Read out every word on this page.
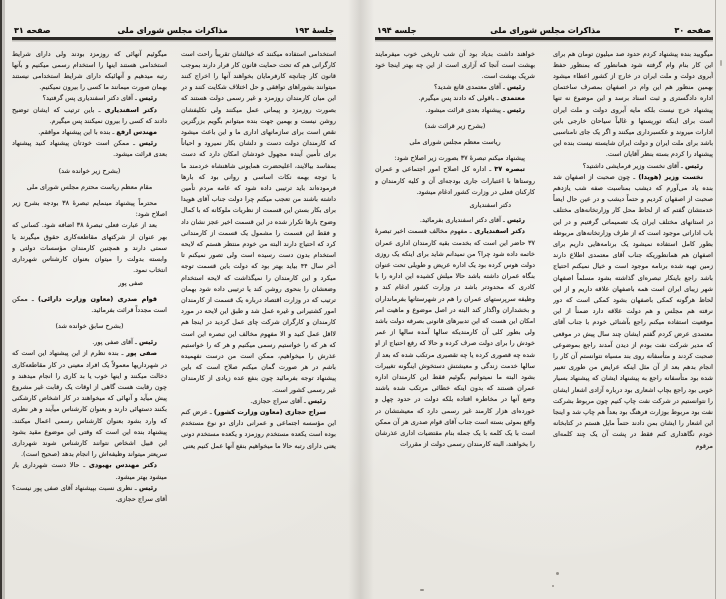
جلسهٔ ۱۹۳
مذاکرات مجلس شورای ملی
صفحه ۳۱

استخدامی استفاده میکنند که خیالشان تقریباً راحت است کارگرانی هم که تحت حمایت قانون کار قرار دارند بموجب قانون کار چنانچه کارفرمایان بخواهند آنها را اخراج کنند میتوانند بشوراهای توافقی و حل اختلاف شکایت کنند و در این میان کارمندان روزمزد و غیر رسمی دولت هستند که بصورت روزمزد و پیمانی عمل میکنند ولی تکلیفشان روشن نیست و بهمین جهت بنده میتوانم بگویم بزرگترین نقص است برای سازمانهای اداری ما و این باعث میشود که کارمندان دولت دست و دلشان بکار نمیرود و احیاناً برای تأمین آینده مجهول خودشان امکان دارد که دست بمفاسد بیالایند، اعلیحضرت همایونی شاهنشاه خردمند ما با توجه بهمه نکات اساسی و روانی بود که بارها فرموده‌اند باید ترتیبی داده شود که عامه مردم تأمین داشته باشند من تعجب میکنم چرا دولت جناب آقای هویدا برای بکار بستن این قسمت از نظریات ملوکانه که با کمال وضوح بارها تکرار شده در این قسمت اخیر عجز نشان داد و فقط این قسمت را مشمول یک قسمت از کارمندانی کرد که احتیاج دارند البته من خودم منتظر هستم که لایحه استخدام بدون دست رسیده است ولی تصور نمیکنم تا آخر سال ۴۴ بیاید بهتر بود که دولت باین قسمت توجه میکرد و این کارمندان را نمیگذاشت که لایحه استخدام وضعشان را بنحوی روشن کند یا ترتیبی داده شود بهمان ترتیب که در وزارت اقتصاد درباره یک قسمت از کارمندان امور کشتیرانی و غیره عمل شد و طبق این لایحه در مورد کارمندان و کارگران شرکت چای عمل کردید در اینجا هم لااقل عمل کنید و الا مفهوم مخالف این تبصره این است که هر که را خواستیم رسمی میکنیم و هر که را خواستیم عذرش را میخواهیم، ممکن است من درست نفهمیده باشم در هر صورت گمان میکنم صلاح است که باین پیشنهاد توجه بفرمائید چون بنفع عده زیادی از کارمندان غیر رسمی کشور است.

رئیس ـ آقای سراج حجازی.

سراج حجازی (معاون وزارت کشور) ـ عرض کنم این مؤسسه اجتماعی و عمرانی دارای دو نوع مستخدم بوده است یکعده مستخدم روزمزد و یکعده مستخدم دونی یعنی دارای رتبه حالا ما میخواهیم بنفع آنها عمل کنیم یعنی

میگوئیم آنهائی که روزمزد بودند ولی دارای شرایط استخدامی هستند اینها را استخدام رسمی میکنیم و بآنها رتبه میدهیم و آنهائیکه دارای شرایط استخدامی نیستند بهمان صورت میمانند ما کسی را بیرون نمیکنیم.

رئیس ـ آقای دکتر اسفندیاری پس گرفتید؟

دکتر اسفندیاری ـ باین ترتیب که ایشان توضیح دادند که کسی را بیرون نمیکنند پس میگیرم.

مهندس ارفع ـ بنده با این پیشنهاد موافقم.

رئیس ـ ممکن است خودتان پیشنهاد کنید پیشنهاد بعدی قرائت میشود.

(بشرح زیر خوانده شد)

مقام معظم ریاست محترم مجلس شورای ملی

محترماً پیشنهاد مینمایم تبصرهٔ ۳۸ بودجه بشرح زیر اصلاح شود:

بعد از عبارت فعلی تبصرهٔ ۳۸ اضافه شود. کسانی که بهر عنوان از شرکتهای مقاطعه‌کاری حقوق میگیرند یا سمتی دارند و همچنین کارمندان مؤسسات دولتی و وابسته بدولت را میتوان بعنوان کارشناس شهرداری انتخاب نمود.

صفی پور

قوام صدری (معاون وزارت دارائی) ـ ممکن است مجدداً قرائت بفرمائید.

(بشرح سابق خوانده شد)

رئیس ـ آقای صفی پور.

صفی پور ـ بنده نظرم از این پیشنهاد این است که در شهرداریها معمولاً یک افراد معینی در کار مقاطعه‌کاری دخالت میکنند و اینها خوب یا بد کاری را انجام میدهند و چون رقابت هست گاهی از اوقات یک رقابت غیر مشروع پیش میآید و آنهائی که میخواهند در کار اشخاص کارشکنی بکنند دستهائی دارند و بعنوان کارشناس میآیند و هر نظری که وارد بشود بعنوان کارشناس رسمی اعمال میکنند. پیشنهاد بنده این است که وقتی این موضوع مقید بشود این قبیل اشخاص نتوانند کارشناس شوند شهرداری سریعتر میتواند وظیفه‌اش را انجام بدهد (صحیح است).

دکتر مهندس بهبودی ـ حالا دست شهرداری باز میشود بهتر میشود.

رئیس ـ نظری نسبت بپیشنهاد آقای صفی پور نیست؟ آقای سراج حجازی.

صفحه ۳۰
مذاکرات مجلس شورای ملی
جلسه ۱۹۴

میگویید بنده پیشنهاد کردم حدود صد میلیون تومان هم برای این کار بنام وام گرفته شود همانطور که بمنظور حفظ آبروی دولت و ملت ایران در خارج از کشور اعطاء میشود بهمین منظور هم این وام در اصفهان بمصرف ساختمان اداره دادگستری و ثبت اسناد برسد و این موضوع نه تنها پیشنهاد خرج نیست بلکه مایه آبروی دولت و ملت ایران است برای اینکه توریستها و غالباً سیاحان خارجی باین ادارات میروند و عکسبرداری میکنند و اگر یک جای نامناسبی باشد برای ملت ایران و دولت ایران شایسته نیست بنده این پیشنهاد را کردم بسته بنظر آقایان است.

رئیس ـ آقای نخست وزیر فرمایشی داشتید؟

نخست وزیر (هویدا) ـ چون صحبت از اصفهان شد بنده یاد می‌آورم که دیشب بمناسبت صفه شب یازدهم صحبت از اصفهان کردیم و حتماً دیشب و در عین حال ایضاً خدمتشان گفتم که از لحاظ محل کار وزارتخانه‌های مختلف در استانهای مختلف ایران یک تصمیماتی گرفتیم و در این باب اداراتی موجود است که از طرف وزارتخانه‌های مربوطه بطور کامل استفاده نمیشود یک برنامه‌هایی داریم برای اصفهان هم همانطوریکه جناب آقای معتمدی اطلاع دارند زمین تهیه شده برنامه موجود است و خیال نمیکنم احتیاج باشد راجع باینکار تبصره‌ای گذاشته بشود مسلماً اصفهان شهر زیبای ایران است همه باصفهان علاقه داریم و از این لحاظ هرگونه کمکی باصفهان بشود کمکی است که دور نرفته هم مجلس و هم دولت علاقه دارد ضمناً از این موقعیت استفاده میکنم راجع بآشنائی خودم با جناب آقای معتمدی عرض کردم گفتم ایشان چند سال پیش در موقعی که مدیر شرکت نفت بودم از دیدن آمدند راجع بموضوعی صحبت کردند و متأسفانه روی بند مسیاه نتوانستم آن کار را انجام بدهم بعد از آن مثل اینکه عرایض من طوری تعبیر شده بود متأسفانه راجع به پیشنهاد ایشان که پیشنهاد بسیار خوبی بود راجع بچاپ اشعاری بود درباره آزادی اشعار ایشان را نتوانستیم در شرکت نفت چاپ کنیم چون مربوط بشرکت نفت بود مربوط بوزارت فرهنگ بود بعداً هم چاپ شد و اینجا این اشعار را ایشان بمن دادند حتماً مایل هستم در کتابخانه خودم نگاهداری کنم فقط در پشت آن یک چند کلمه‌ای مرقوم

خواهند داشت بدیاد بود آن شب تاریخی خوب میفرمایند بهشت است آنجا که آزاری است از این چه بهتر اینجا خود شریک بهشت است.

رئیس ـ آقای معتمدی قانع شدید؟

معتمدی ـ باقولی که دادند پس میگیرم.

رئیس ـ پیشنهاد بعدی قرائت میشود.

(بشرح زیر قرائت شد)

ریاست معظم مجلس شورای ملی

پیشنهاد میکنم تبصرهٔ ۳۷ بصورت زیر اصلاح شود:

تبصره ۳۷ ـ اداره کل اصلاح امور اجتماعی و عمران روستاها با اعتبارات جاری بودجه‌ای آن و کلیه کارمندان و کارکنان فعلی در وزارت کشور ادغام میشود.

دکتر اسفندیاری

رئیس ـ آقای دکتر اسفندیاری بفرمائید.

دکتر اسفندیاری ـ مفهوم مخالف قسمت اخیر تبصرهٔ ۳۷ حاضر این است که بخدمت بقیه کارمندان اداری عمران خاتمه داده شود چرا؟ من نمیدانم شاید برای اینکه یک روزی دولت هوس کرده بود یک اداره عریض و طویلی تحت عنوان بنگاه عمران داشته باشد حالا میلش کشیده این اداره را با کادری که محدودتر باشد در وزارت کشور ادغام کند و وظیفه سرپرستهای عمران را هم در شهرستانها بفرمانداران و بخشداران واگذار کند البته در اصل موضوع و ماهیت امر امکان این هست که این تدبیرهای قانونی بصرفه دولت باشد ولی بطور کلی آن کارمندیکه سالها آمده سالها از عمر خودش را برای دولت صرف کرده و حالا که رفع احتیاج از او شده چه قصوری کرده یا چه تقصیری مرتکب شده که بعد از سالها خدمت زندگی و معیشتش دستخوش اینگونه تغییرات بشود البته ما نمیتوانیم بگوئیم فقط این کارمندان اداره عمران هستند که بدون اینکه خطائی مرتکب شده باشند وضع آنها در مخاطره افتاده بلکه دولت در حدود چهل و خورده‌ای هزار کارمند غیر رسمی دارد که معیشتشان در واقع بموئی بسته است جناب آقای قوام صدری هر آن ممکن است با یک کلمه با یک جمله بنام مقتضیات اداری عذرشان را بخواهند، البته کارمندان رسمی دولت از مقررات
